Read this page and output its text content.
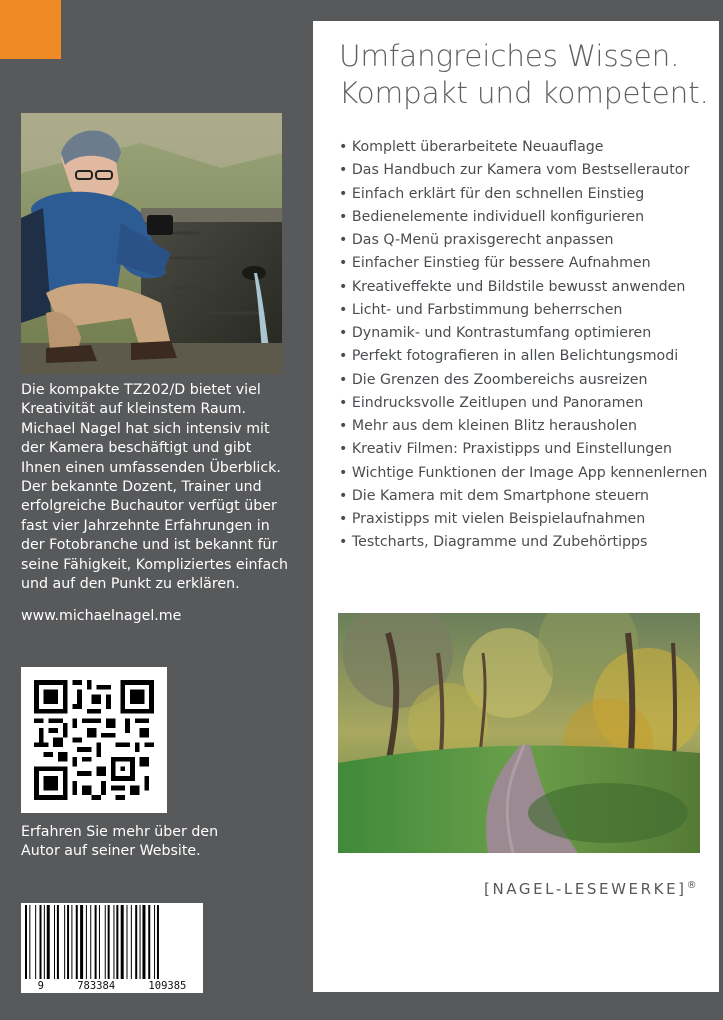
Die kompakte TZ202/D bietet viel Kreativität auf kleinstem Raum. Michael Nagel hat sich intensiv mit der Kamera beschäftigt und gibt Ihnen einen umfassenden Überblick. Der bekannte Dozent, Trainer und erfolgreiche Buchautor verfügt über fast vier Jahrzehnte Erfahrungen in der Fotobranche und ist bekannt für seine Fähigkeit, Kompliziertes einfach und auf den Punkt zu erklären.

www.michaelnagel.me

Erfahren Sie mehr über den Autor auf seiner Website.

9	783384	109385
Umfangreiches Wissen.
Kompakt und kompetent.
• Komplett überarbeitete Neuauflage
• Das Handbuch zur Kamera vom Bestsellerautor
• Einfach erklärt für den schnellen Einstieg
• Bedienelemente individuell konfigurieren
• Das Q-Menü praxisgerecht anpassen
• Einfacher Einstieg für bessere Aufnahmen
• Kreativeffekte und Bildstile bewusst anwenden
• Licht- und Farbstimmung beherrschen
• Dynamik- und Kontrastumfang optimieren
• Perfekt fotografieren in allen Belichtungsmodi
• Die Grenzen des Zoombereichs ausreizen
• Eindrucksvolle Zeitlupen und Panoramen
• Mehr aus dem kleinen Blitz herausholen
• Kreativ Filmen: Praxistipps und Einstellungen
• Wichtige Funktionen der Image App kennenlernen
• Die Kamera mit dem Smartphone steuern
• Praxistipps mit vielen Beispielaufnahmen
• Testcharts, Diagramme und Zubehörtipps
[NAGEL-LESEWERKE]®
